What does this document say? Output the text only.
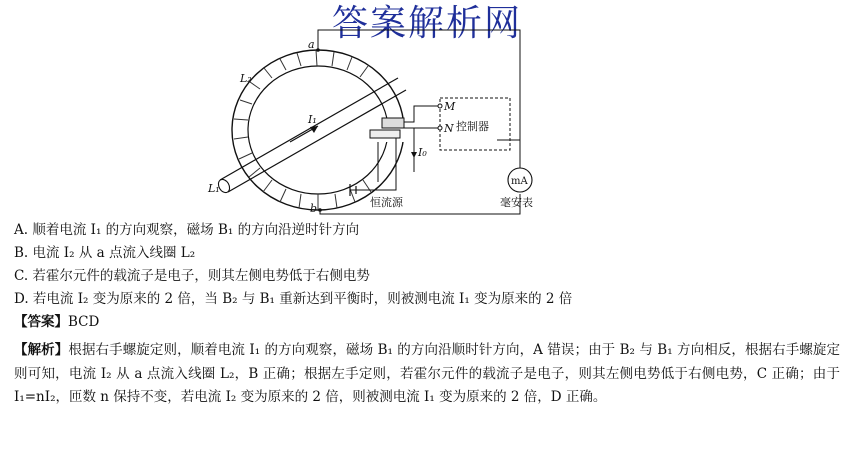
答案解析网
a
b
L₂
L₁
I₁
I₀
M
N 控制器
恒流源
mA
毫安表
A. 顺着电流 I₁ 的方向观察，磁场 B₁ 的方向沿逆时针方向
B. 电流 I₂ 从 a 点流入线圈 L₂
C. 若霍尔元件的载流子是电子，则其左侧电势低于右侧电势
D. 若电流 I₂ 变为原来的 2 倍，当 B₂ 与 B₁ 重新达到平衡时，则被测电流 I₁ 变为原来的 2 倍
【答案】BCD
【解析】根据右手螺旋定则，顺着电流 I₁ 的方向观察，磁场 B₁ 的方向沿顺时针方向，A 错误；由于 B₂ 与 B₁ 方向相反，根据右手螺旋定则可知，电流 I₂ 从 a 点流入线圈 L₂，B 正确；根据左手定则，若霍尔元件的载流子是电子，则其左侧电势低于右侧电势，C 正确；由于 I₁=nI₂，匝数 n 保持不变，若电流 I₂ 变为原来的 2 倍，则被测电流 I₁ 变为原来的 2 倍，D 正确。
